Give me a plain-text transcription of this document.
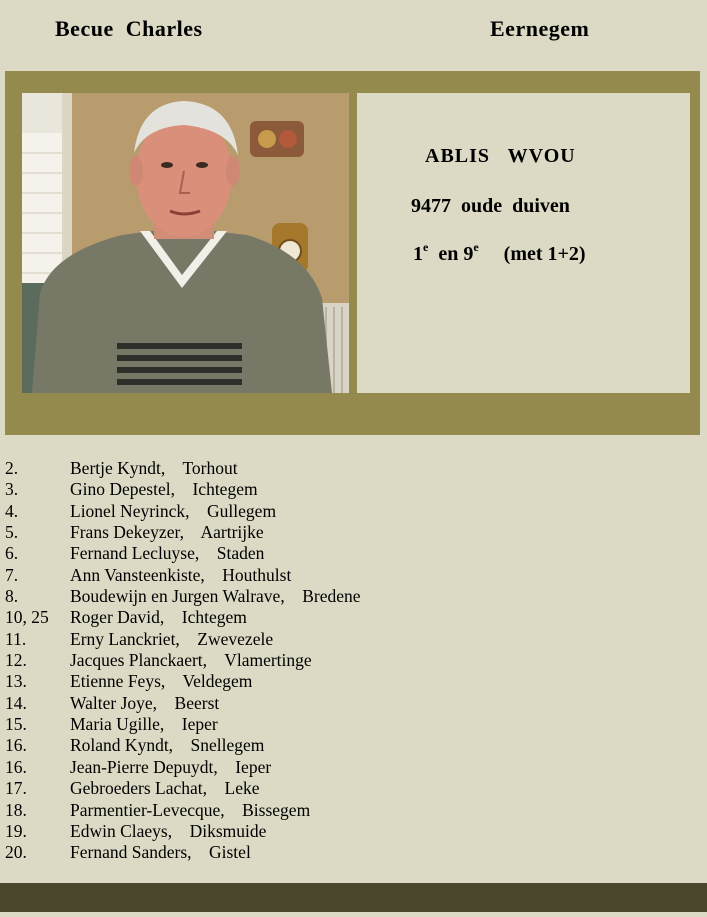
Becue  Charles	Eernegem
ABLIS   WVOU
9477  oude  duiven
1e  en 9e     (met 1+2)
2.	Bertje Kyndt,    Torhout
3.	Gino Depestel,    Ichtegem
4.	Lionel Neyrinck,    Gullegem
5.	Frans Dekeyzer,    Aartrijke
6.	Fernand Lecluyse,    Staden
7.	Ann Vansteenkiste,    Houthulst
8.	Boudewijn en Jurgen Walrave,    Bredene
10, 25 Roger David,    Ichtegem
11.	Erny Lanckriet,    Zwevezele
12. Jacques Planckaert,    Vlamertinge
13. Etienne Feys,    Veldegem
14. Walter Joye,    Beerst
15. Maria Ugille,    Ieper
16. Roland Kyndt,    Snellegem
16. Jean-Pierre Depuydt,    Ieper
17. Gebroeders Lachat,    Leke
18. Parmentier-Levecque,    Bissegem
19. Edwin Claeys,    Diksmuide
20. Fernand Sanders,    Gistel
